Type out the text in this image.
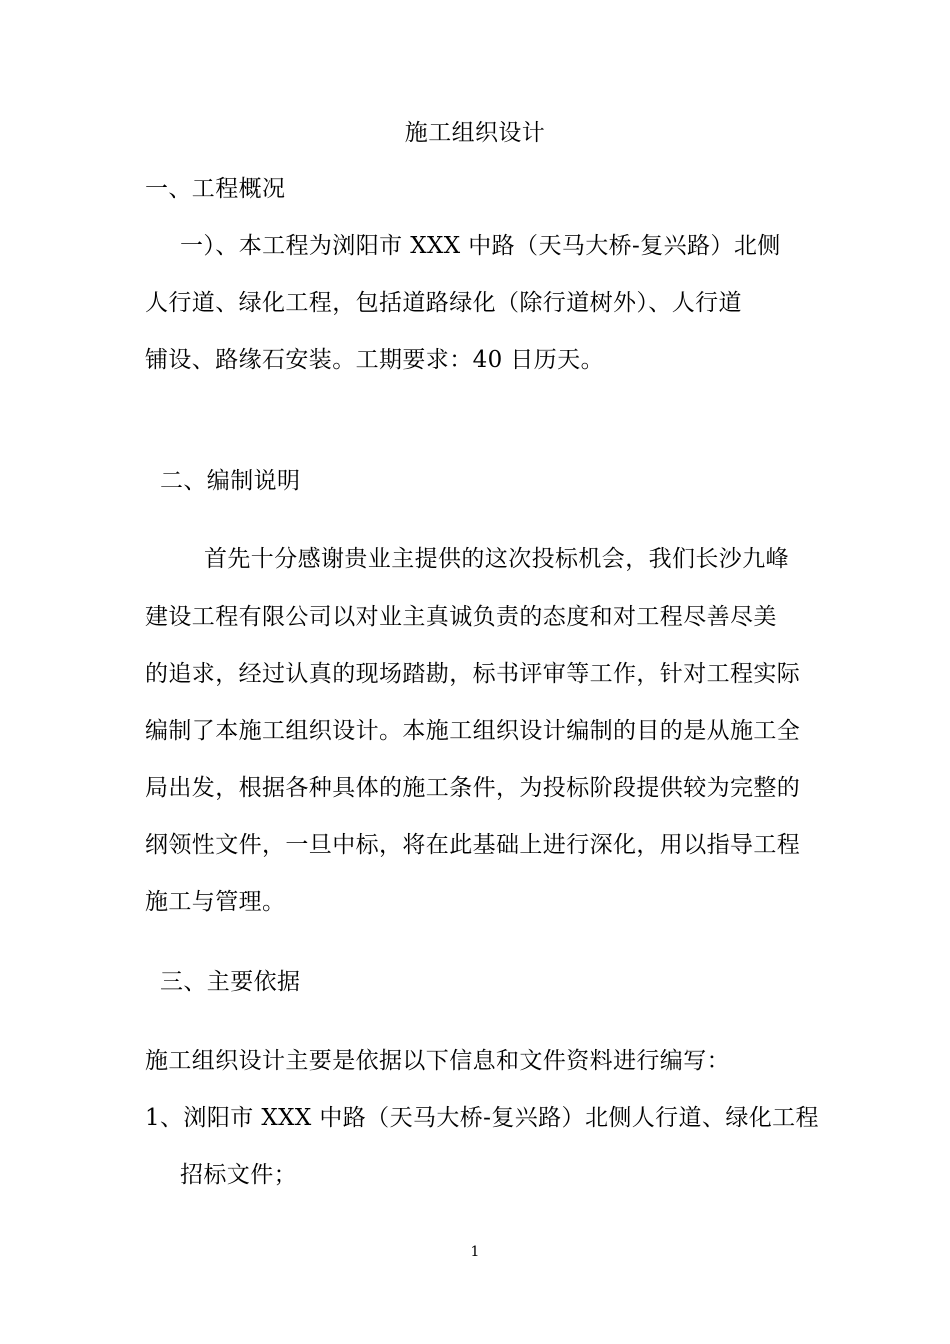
施工组织设计
一、工程概况
一）、本工程为浏阳市 XXX 中路（天马大桥-复兴路）北侧
人行道、绿化工程，包括道路绿化（除行道树外）、人行道
铺设、路缘石安装。工期要求：40 日历天。
二、编制说明
首先十分感谢贵业主提供的这次投标机会，我们长沙九峰
建设工程有限公司以对业主真诚负责的态度和对工程尽善尽美
的追求，经过认真的现场踏勘，标书评审等工作，针对工程实际
编制了本施工组织设计。本施工组织设计编制的目的是从施工全
局出发，根据各种具体的施工条件，为投标阶段提供较为完整的
纲领性文件，一旦中标，将在此基础上进行深化，用以指导工程
施工与管理。
三、主要依据
施工组织设计主要是依据以下信息和文件资料进行编写：
1、浏阳市 XXX 中路（天马大桥-复兴路）北侧人行道、绿化工程
招标文件；
1
